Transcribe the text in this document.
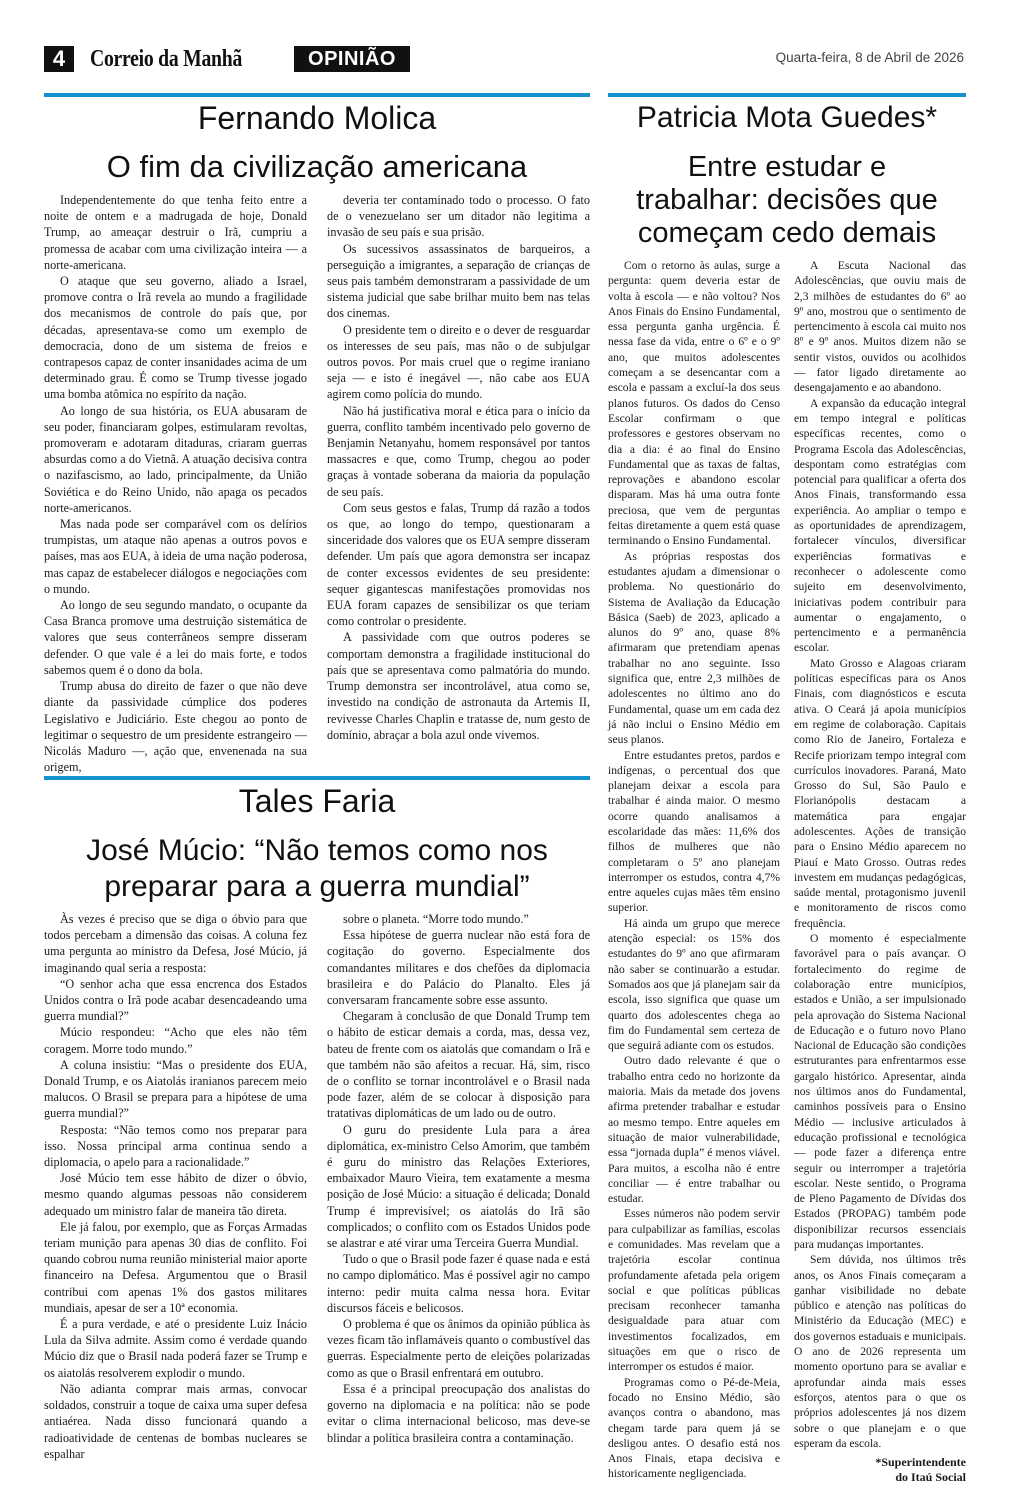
4	Correio da Manhã	OPINIÃO	Quarta-feira, 8 de Abril de 2026
Fernando Molica
O fim da civilização americana

Independentemente do que tenha feito entre a noite de ontem e a madrugada de hoje, Donald Trump, ao ameaçar destruir o Irã, cumpriu a promessa de acabar com uma civilização inteira — a norte-americana.

O ataque que seu governo, aliado a Israel, promove contra o Irã revela ao mundo a fragilidade dos mecanismos de controle do país que, por décadas, apresentava-se como um exemplo de democracia, dono de um sistema de freios e contrapesos capaz de conter insanidades acima de um determinado grau. É como se Trump tivesse jogado uma bomba atômica no espírito da nação.

Ao longo de sua história, os EUA abusaram de seu poder, financiaram golpes, estimularam revoltas, promoveram e adotaram ditaduras, criaram guerras absurdas como a do Vietnã. A atuação decisiva contra o nazifascismo, ao lado, principalmente, da União Soviética e do Reino Unido, não apaga os pecados norte-americanos.

Mas nada pode ser comparável com os delírios trumpistas, um ataque não apenas a outros povos e países, mas aos EUA, à ideia de uma nação poderosa, mas capaz de estabelecer diálogos e negociações com o mundo.

Ao longo de seu segundo mandato, o ocupante da Casa Branca promove uma destruição sistemática de valores que seus conterrâneos sempre disseram defender. O que vale é a lei do mais forte, e todos sabemos quem é o dono da bola.

Trump abusa do direito de fazer o que não deve diante da passividade cúmplice dos poderes Legislativo e Judiciário. Este chegou ao ponto de legitimar o sequestro de um presidente estrangeiro — Nicolás Maduro —, ação que, envenenada na sua origem,

deveria ter contaminado todo o processo. O fato de o venezuelano ser um ditador não legitima a invasão de seu país e sua prisão.

Os sucessivos assassinatos de barqueiros, a perseguição a imigrantes, a separação de crianças de seus pais também demonstraram a passividade de um sistema judicial que sabe brilhar muito bem nas telas dos cinemas.

O presidente tem o direito e o dever de resguardar os interesses de seu país, mas não o de subjulgar outros povos. Por mais cruel que o regime iraniano seja — e isto é inegável —, não cabe aos EUA agirem como polícia do mundo.

Não há justificativa moral e ética para o início da guerra, conflito também incentivado pelo governo de Benjamin Netanyahu, homem responsável por tantos massacres e que, como Trump, chegou ao poder graças à vontade soberana da maioria da população de seu país.

Com seus gestos e falas, Trump dá razão a todos os que, ao longo do tempo, questionaram a sinceridade dos valores que os EUA sempre disseram defender. Um país que agora demonstra ser incapaz de conter excessos evidentes de seu presidente: sequer gigantescas manifestações promovidas nos EUA foram capazes de sensibilizar os que teriam como controlar o presidente.

A passividade com que outros poderes se comportam demonstra a fragilidade institucional do país que se apresentava como palmatória do mundo. Trump demonstra ser incontrolável, atua como se, investido na condição de astronauta da Artemis II, revivesse Charles Chaplin e tratasse de, num gesto de domínio, abraçar a bola azul onde vivemos.

Tales Faria
José Múcio: “Não temos como nos
preparar para a guerra mundial”

Às vezes é preciso que se diga o óbvio para que todos percebam a dimensão das coisas. A coluna fez uma pergunta ao ministro da Defesa, José Múcio, já imaginando qual seria a resposta:

“O senhor acha que essa encrenca dos Estados Unidos contra o Irã pode acabar desencadeando uma guerra mundial?”

Múcio respondeu: “Acho que eles não têm coragem. Morre todo mundo.”

A coluna insistiu: “Mas o presidente dos EUA, Donald Trump, e os Aiatolás iranianos parecem meio malucos. O Brasil se prepara para a hipótese de uma guerra mundial?”

Resposta: “Não temos como nos preparar para isso. Nossa principal arma continua sendo a diplomacia, o apelo para a racionalidade.”

José Múcio tem esse hábito de dizer o óbvio, mesmo quando algumas pessoas não considerem adequado um ministro falar de maneira tão direta.

Ele já falou, por exemplo, que as Forças Armadas teriam munição para apenas 30 dias de conflito. Foi quando cobrou numa reunião ministerial maior aporte financeiro na Defesa. Argumentou que o Brasil contribui com apenas 1% dos gastos militares mundiais, apesar de ser a 10ª economia.

É a pura verdade, e até o presidente Luiz Inácio Lula da Silva admite. Assim como é verdade quando Múcio diz que o Brasil nada poderá fazer se Trump e os aiatolás resolverem explodir o mundo.

Não adianta comprar mais armas, convocar soldados, construir a toque de caixa uma super defesa antiaérea. Nada disso funcionará quando a radioatividade de centenas de bombas nucleares se espalhar

sobre o planeta. “Morre todo mundo.”

Essa hipótese de guerra nuclear não está fora de cogitação do governo. Especialmente dos comandantes militares e dos chefões da diplomacia brasileira e do Palácio do Planalto. Eles já conversaram francamente sobre esse assunto.

Chegaram à conclusão de que Donald Trump tem o hábito de esticar demais a corda, mas, dessa vez, bateu de frente com os aiatolás que comandam o Irã e que também não são afeitos a recuar. Há, sim, risco de o conflito se tornar incontrolável e o Brasil nada pode fazer, além de se colocar à disposição para tratativas diplomáticas de um lado ou de outro.

O guru do presidente Lula para a área diplomática, ex-ministro Celso Amorim, que também é guru do ministro das Relações Exteriores, embaixador Mauro Vieira, tem exatamente a mesma posição de José Múcio: a situação é delicada; Donald Trump é imprevisível; os aiatolás do Irã são complicados; o conflito com os Estados Unidos pode se alastrar e até virar uma Terceira Guerra Mundial.

Tudo o que o Brasil pode fazer é quase nada e está no campo diplomático. Mas é possível agir no campo interno: pedir muita calma nessa hora. Evitar discursos fáceis e belicosos.

O problema é que os ânimos da opinião pública às vezes ficam tão inflamáveis quanto o combustível das guerras. Especialmente perto de eleições polarizadas como as que o Brasil enfrentará em outubro.

Essa é a principal preocupação dos analistas do governo na diplomacia e na política: não se pode evitar o clima internacional belicoso, mas deve-se blindar a política brasileira contra a contaminação.

Patricia Mota Guedes*
Entre estudar e
trabalhar: decisões que
começam cedo demais

Com o retorno às aulas, surge a pergunta: quem deveria estar de volta à escola — e não voltou? Nos Anos Finais do Ensino Fundamental, essa pergunta ganha urgência. É nessa fase da vida, entre o 6º e o 9º ano, que muitos adolescentes começam a se desencantar com a escola e passam a excluí-la dos seus planos futuros. Os dados do Censo Escolar confirmam o que professores e gestores observam no dia a dia: é ao final do Ensino Fundamental que as taxas de faltas, reprovações e abandono escolar disparam. Mas há uma outra fonte preciosa, que vem de perguntas feitas diretamente a quem está quase terminando o Ensino Fundamental.

As próprias respostas dos estudantes ajudam a dimensionar o problema. No questionário do Sistema de Avaliação da Educação Básica (Saeb) de 2023, aplicado a alunos do 9º ano, quase 8% afirmaram que pretendiam apenas trabalhar no ano seguinte. Isso significa que, entre 2,3 milhões de adolescentes no último ano do Fundamental, quase um em cada dez já não inclui o Ensino Médio em seus planos.

Entre estudantes pretos, pardos e indígenas, o percentual dos que planejam deixar a escola para trabalhar é ainda maior. O mesmo ocorre quando analisamos a escolaridade das mães: 11,6% dos filhos de mulheres que não completaram o 5º ano planejam interromper os estudos, contra 4,7% entre aqueles cujas mães têm ensino superior.

Há ainda um grupo que merece atenção especial: os 15% dos estudantes do 9º ano que afirmaram não saber se continuarão a estudar. Somados aos que já planejam sair da escola, isso significa que quase um quarto dos adolescentes chega ao fim do Fundamental sem certeza de que seguirá adiante com os estudos.

Outro dado relevante é que o trabalho entra cedo no horizonte da maioria. Mais da metade dos jovens afirma pretender trabalhar e estudar ao mesmo tempo. Entre aqueles em situação de maior vulnerabilidade, essa “jornada dupla” é menos viável. Para muitos, a escolha não é entre conciliar — é entre trabalhar ou estudar.

Esses números não podem servir para culpabilizar as famílias, escolas e comunidades. Mas revelam que a trajetória escolar continua profundamente afetada pela origem social e que políticas públicas precisam reconhecer tamanha desigualdade para atuar com investimentos focalizados, em situações em que o risco de interromper os estudos é maior.

Programas como o Pé-de-Meia, focado no Ensino Médio, são avanços contra o abandono, mas chegam tarde para quem já se desligou antes. O desafio está nos Anos Finais, etapa decisiva e historicamente negligenciada.

A Escuta Nacional das Adolescências, que ouviu mais de 2,3 milhões de estudantes do 6º ao 9º ano, mostrou que o sentimento de pertencimento à escola cai muito nos 8º e 9º anos. Muitos dizem não se sentir vistos, ouvidos ou acolhidos — fator ligado diretamente ao desengajamento e ao abandono.

A expansão da educação integral em tempo integral e políticas específicas recentes, como o Programa Escola das Adolescências, despontam como estratégias com potencial para qualificar a oferta dos Anos Finais, transformando essa experiência. Ao ampliar o tempo e as oportunidades de aprendizagem, fortalecer vínculos, diversificar experiências formativas e reconhecer o adolescente como sujeito em desenvolvimento, iniciativas podem contribuir para aumentar o engajamento, o pertencimento e a permanência escolar.

Mato Grosso e Alagoas criaram políticas específicas para os Anos Finais, com diagnósticos e escuta ativa. O Ceará já apoia municípios em regime de colaboração. Capitais como Rio de Janeiro, Fortaleza e Recife priorizam tempo integral com currículos inovadores. Paraná, Mato Grosso do Sul, São Paulo e Florianópolis destacam a matemática para engajar adolescentes. Ações de transição para o Ensino Médio aparecem no Piauí e Mato Grosso. Outras redes investem em mudanças pedagógicas, saúde mental, protagonismo juvenil e monitoramento de riscos como frequência.

O momento é especialmente favorável para o país avançar. O fortalecimento do regime de colaboração entre municípios, estados e União, a ser impulsionado pela aprovação do Sistema Nacional de Educação e o futuro novo Plano Nacional de Educação são condições estruturantes para enfrentarmos esse gargalo histórico. Apresentar, ainda nos últimos anos do Fundamental, caminhos possíveis para o Ensino Médio — inclusive articulados à educação profissional e tecnológica — pode fazer a diferença entre seguir ou interromper a trajetória escolar. Neste sentido, o Programa de Pleno Pagamento de Dívidas dos Estados (PROPAG) também pode disponibilizar recursos essenciais para mudanças importantes.

Sem dúvida, nos últimos três anos, os Anos Finais começaram a ganhar visibilidade no debate público e atenção nas políticas do Ministério da Educação (MEC) e dos governos estaduais e municipais. O ano de 2026 representa um momento oportuno para se avaliar e aprofundar ainda mais esses esforços, atentos para o que os próprios adolescentes já nos dizem sobre o que planejam e o que esperam da escola.

*Superintendente
do Itaú Social
